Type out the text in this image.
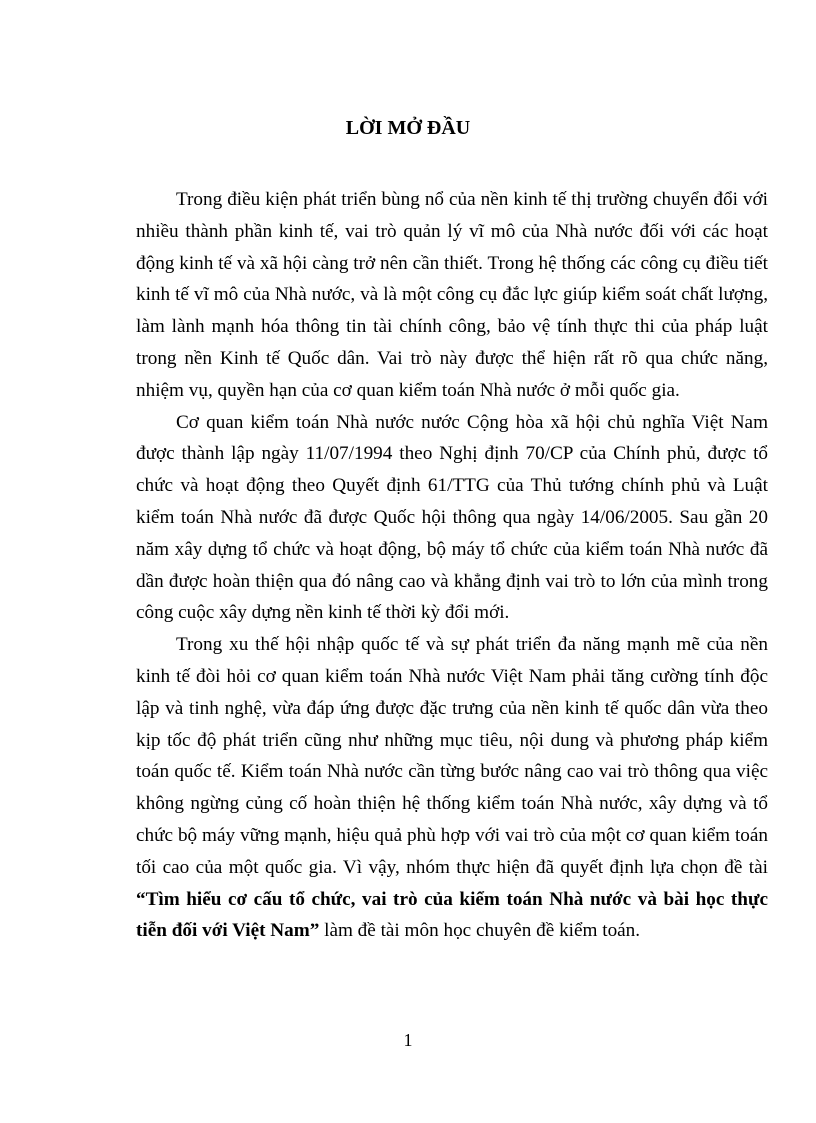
LỜI MỞ ĐẦU

Trong điều kiện phát triển bùng nổ của nền kinh tế thị trường chuyển đổi với nhiều thành phần kinh tế, vai trò quản lý vĩ mô của Nhà nước đối với các hoạt động kinh tế và xã hội càng trở nên cần thiết. Trong hệ thống các công cụ điều tiết kinh tế vĩ mô của Nhà nước, và là một công cụ đắc lực giúp kiểm soát chất lượng, làm lành mạnh hóa thông tin tài chính công, bảo vệ tính thực thi của pháp luật trong nền Kinh tế Quốc dân. Vai trò này được thể hiện rất rõ qua chức năng, nhiệm vụ, quyền hạn của cơ quan kiểm toán Nhà nước ở mỗi quốc gia.

Cơ quan kiểm toán Nhà nước nước Cộng hòa xã hội chủ nghĩa Việt Nam được thành lập ngày 11/07/1994 theo Nghị định 70/CP của Chính phủ, được tổ chức và hoạt động theo Quyết định 61/TTG của Thủ tướng chính phủ và Luật kiểm toán Nhà nước đã được Quốc hội thông qua ngày 14/06/2005. Sau gần 20 năm xây dựng tổ chức và hoạt động, bộ máy tổ chức của kiểm toán Nhà nước đã dần được hoàn thiện qua đó nâng cao và khẳng định vai trò to lớn của mình trong công cuộc xây dựng nền kinh tế thời kỳ đổi mới.

Trong xu thế hội nhập quốc tế và sự phát triển đa năng mạnh mẽ của nền kinh tế đòi hỏi cơ quan kiểm toán Nhà nước Việt Nam phải tăng cường tính độc lập và tinh nghệ, vừa đáp ứng được đặc trưng của nền kinh tế quốc dân vừa theo kịp tốc độ phát triển cũng như những mục tiêu, nội dung và phương pháp kiểm toán quốc tế. Kiểm toán Nhà nước cần từng bước nâng cao vai trò thông qua việc không ngừng củng cố hoàn thiện hệ thống kiểm toán Nhà nước, xây dựng và tổ chức bộ máy vững mạnh, hiệu quả phù hợp với vai trò của một cơ quan kiểm toán tối cao của một quốc gia. Vì vậy, nhóm thực hiện đã quyết định lựa chọn đề tài “Tìm hiểu cơ cấu tổ chức, vai trò của kiểm toán Nhà nước và bài học thực tiễn đối với Việt Nam” làm đề tài môn học chuyên đề kiểm toán.

1
